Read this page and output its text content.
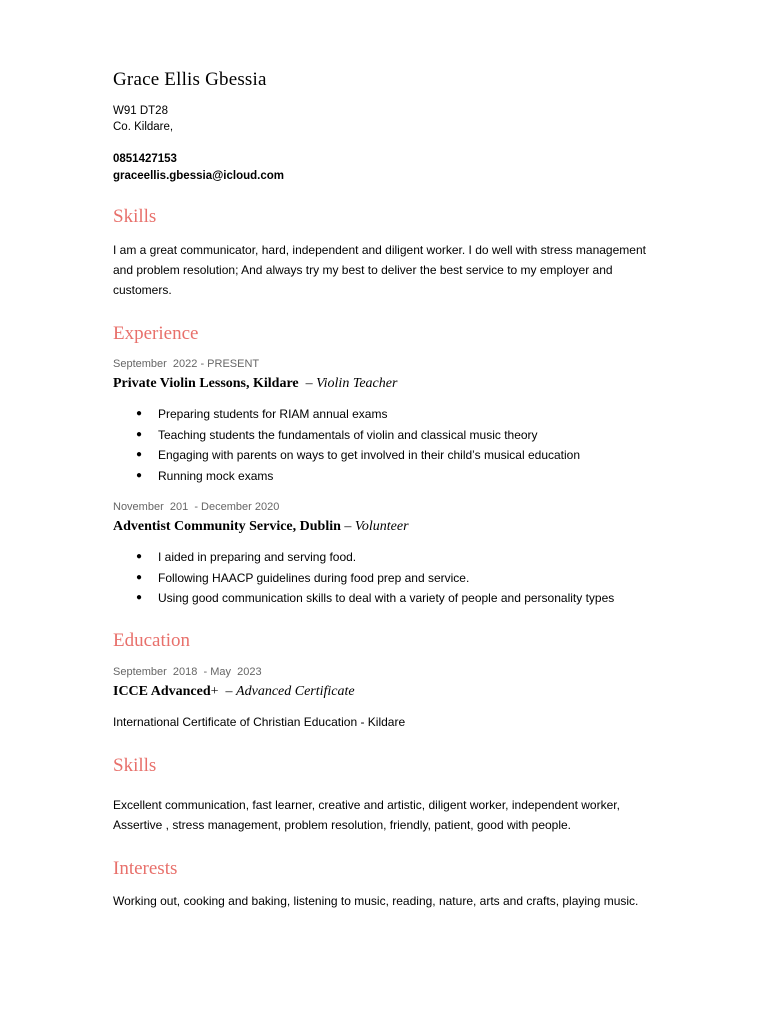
Grace Ellis Gbessia
W91 DT28
Co. Kildare,
0851427153
graceellis.gbessia@icloud.com
Skills
I am a great communicator, hard, independent and diligent worker. I do well with stress management and problem resolution; And always try my best to deliver the best service to my employer and customers.
Experience
September  2022 - PRESENT
Private Violin Lessons, Kildare  – Violin Teacher
● Preparing students for RIAM annual exams
● Teaching students the fundamentals of violin and classical music theory
● Engaging with parents on ways to get involved in their child’s musical education
● Running mock exams
November  201  - December 2020
Adventist Community Service, Dublin – Volunteer
● I aided in preparing and serving food.
● Following HAACP guidelines during food prep and service.
● Using good communication skills to deal with a variety of people and personality types
Education
September  2018  - May  2023
ICCE Advanced+  – Advanced Certificate
International Certificate of Christian Education - Kildare
Skills
Excellent communication, fast learner, creative and artistic, diligent worker, independent worker, Assertive , stress management, problem resolution, friendly, patient, good with people.
Interests
Working out, cooking and baking, listening to music, reading, nature, arts and crafts, playing music.
